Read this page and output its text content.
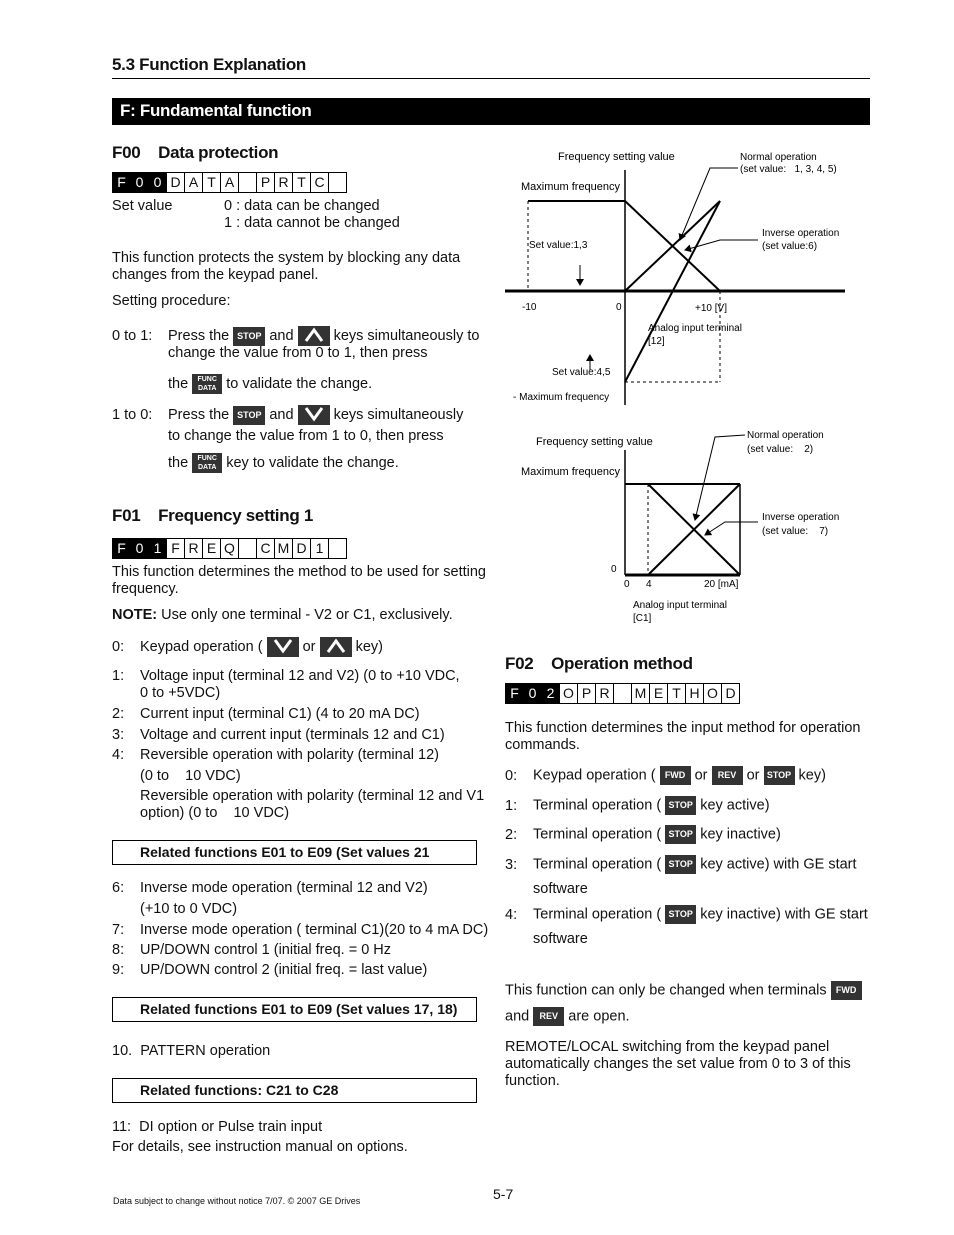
5.3 Function Explanation
F: Fundamental function
F00    Data protection
F 0 0 D A T A	P R T C
Set value	0 : data can be changed
1 : data cannot be changed
This function protects the system by blocking any data
changes from the keypad panel.
Setting procedure:
0 to 1: Press the STOP and	keys simultaneously to
change the value from 0 to 1, then press
the FUNC
DATA to validate the change.
1 to 0: Press the STOP and	keys simultaneously
to change the value from 1 to 0, then press
the FUNC
DATA key to validate the change.
F01    Frequency setting 1
F 0 1 F R E Q	C M D 1
This function determines the method to be used for setting
frequency.
NOTE: Use only one terminal - V2 or C1, exclusively.
0: Keypad operation (	or	key)
1: Voltage input (terminal 12 and V2) (0 to +10 VDC,
0 to +5VDC)
2: Current input (terminal C1) (4 to 20 mA DC)
3: Voltage and current input (terminals 12 and C1)
4: Reversible operation with polarity (terminal 12)
(0 to    10 VDC)
Reversible operation with polarity (terminal 12 and V1
option) (0 to    10 VDC)
Related functions E01 to E09 (Set values 21
6: Inverse mode operation (terminal 12 and V2)
(+10 to 0 VDC)
7: Inverse mode operation ( terminal C1)(20 to 4 mA DC)
8: UP/DOWN control 1 (initial freq. = 0 Hz
9: UP/DOWN control 2 (initial freq. = last value)
Related functions E01 to E09 (Set values 17, 18)
10.  PATTERN operation
Related functions: C21 to C28
11:  DI option or Pulse train input
For details, see instruction manual on options.
Frequency setting value
Maximum frequency
Normal operation
(set value:   1, 3, 4, 5)
Set value:1,3
Inverse operation
(set value:6)
-10	0	+10 [V]
Analog input terminal
[12]
Set value:4,5
- Maximum frequency
Frequency setting value
Maximum frequency
Normal operation
(set value:    2)
Inverse operation
(set value:    7)
0
0 4	20 [mA]
Analog input terminal
[C1]
F02    Operation method
F 0 2 O P R	M E T H O D
This function determines the input method for operation
commands.
0: Keypad operation ( FWD or REV or STOP key)
1: Terminal operation ( STOP key active)
2: Terminal operation ( STOP key inactive)
3: Terminal operation ( STOP key active) with GE start
software
4: Terminal operation ( STOP key inactive) with GE start
software
This function can only be changed when terminals FWD
and REV are open.
REMOTE/LOCAL switching from the keypad panel
automatically changes the set value from 0 to 3 of this
function.
5-7
Data subject to change without notice 7/07. © 2007 GE Drives
